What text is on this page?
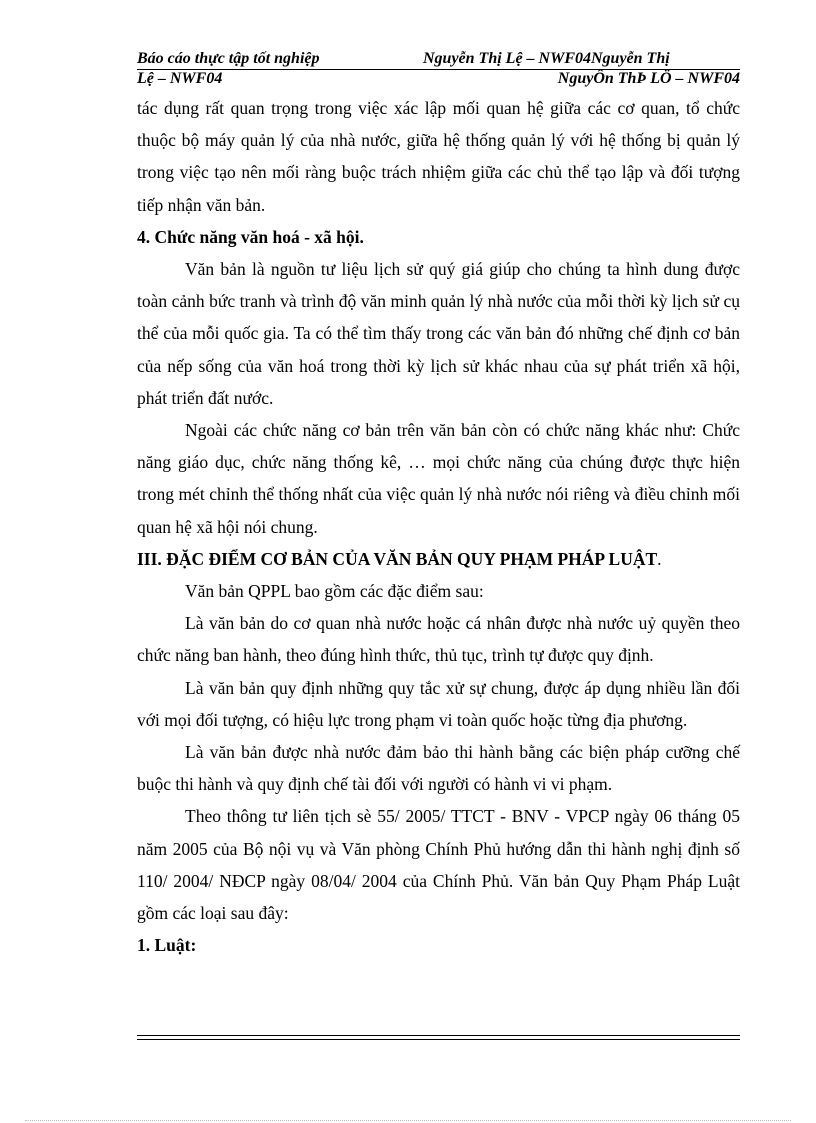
Báo cáo thực tập tốt nghiệp	Nguyễn Thị Lệ – NWF04Nguyễn Thị
Lệ – NWF04	NguyÔn ThÞ LÖ – NWF04

tác dụng rất quan trọng trong việc xác lập mối quan hệ giữa các cơ quan, tổ chức thuộc bộ máy quản lý của nhà nước, giữa hệ thống quản lý với hệ thống bị quản lý trong việc tạo nên mối ràng buộc trách nhiệm giữa các chủ thể tạo lập và đối tượng tiếp nhận văn bản.

4. Chức năng văn hoá - xã hội.

Văn bản là nguồn tư liệu lịch sử quý giá giúp cho chúng ta hình dung được toàn cảnh bức tranh và trình độ văn minh quản lý nhà nước của mỗi thời kỳ lịch sử cụ thể của mỗi quốc gia. Ta có thể tìm thấy trong các văn bản đó những chế định cơ bản của nếp sống của văn hoá trong thời kỳ lịch sử khác nhau của sự phát triển xã hội, phát triển đất nước.

Ngoài các chức năng cơ bản trên văn bản còn có chức năng khác như: Chức năng giáo dục, chức năng thống kê, … mọi chức năng của chúng được thực hiện trong mét chỉnh thể thống nhất của việc quản lý nhà nước nói riêng và điều chỉnh mối quan hệ xã hội nói chung.

III. ĐẶC ĐIỂM CƠ BẢN CỦA VĂN BẢN QUY PHẠM PHÁP LUẬT.

Văn bản QPPL bao gồm các đặc điểm sau:

Là văn bản do cơ quan nhà nước hoặc cá nhân được nhà nước uỷ quyền theo chức năng ban hành, theo đúng hình thức, thủ tục, trình tự được quy định.

Là văn bản quy định những quy tắc xử sự chung, được áp dụng nhiều lần đối với mọi đối tượng, có hiệu lực trong phạm vi toàn quốc hoặc từng địa phương.

Là văn bản được nhà nước đảm bảo thi hành bằng các biện pháp cưỡng chế buộc thi hành và quy định chế tài đối với người có hành vi vi phạm.

Theo thông tư liên tịch sè 55/ 2005/ TTCT - BNV - VPCP ngày 06 tháng 05 năm 2005 của Bộ nội vụ và Văn phòng Chính Phủ hướng dẫn thi hành nghị định số 110/ 2004/ NĐCP ngày 08/04/ 2004 của Chính Phủ. Văn bản Quy Phạm Pháp Luật gồm các loại sau đây:

1. Luật:
